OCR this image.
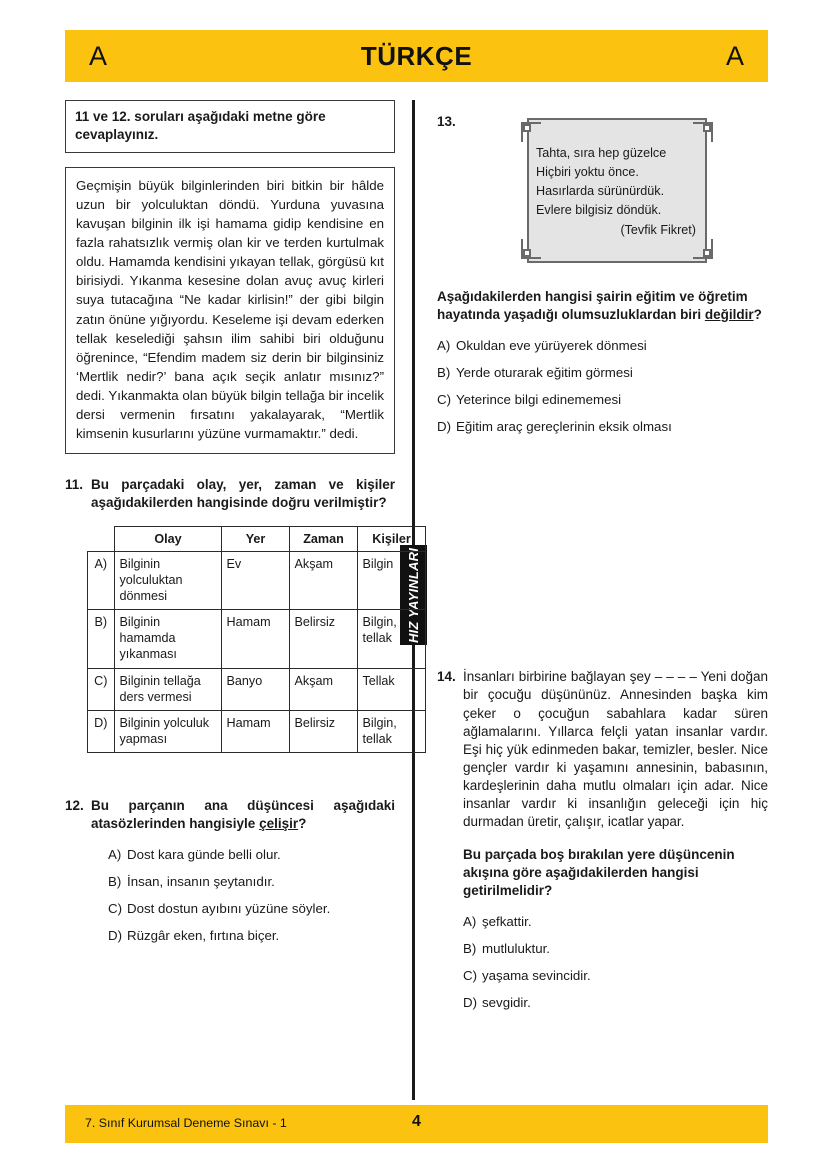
A	TÜRKÇE	A
HIZ YAYINLARI
11 ve 12. soruları aşağıdaki metne göre cevaplayınız.
Geçmişin büyük bilginlerinden biri bitkin bir hâlde uzun bir yolculuktan döndü. Yurduna yuvasına kavuşan bilginin ilk işi hamama gidip kendisine en fazla rahatsızlık vermiş olan kir ve terden kurtulmak oldu. Hamamda kendisini yıkayan tellak, görgüsü kıt birisiydi. Yıkanma kesesine dolan avuç avuç kirleri suya tutacağına “Ne kadar kirlisin!” der gibi bilgin zatın önüne yığıyordu. Keseleme işi devam ederken tellak keselediği şahsın ilim sahibi biri olduğunu öğrenince, “Efendim madem siz derin bir bilginsiniz ‘Mertlik nedir?’ bana açık seçik anlatır mısınız?” dedi. Yıkanmakta olan büyük bilgin tellağa bir incelik dersi vermenin fırsatını yakalayarak, “Mertlik kimsenin kusurlarını yüzüne vurmamaktır.” dedi.
11. Bu parçadaki olay, yer, zaman ve kişiler aşağıdakilerden hangisinde doğru verilmiştir?
	Olay	Yer	Zaman	Kişiler
A)	Bilginin yolculuktan dönmesi	Ev	Akşam	Bilgin
B)	Bilginin hamamda yıkanması	Hamam	Belirsiz	Bilgin, tellak
C)	Bilginin tellağa ders vermesi	Banyo	Akşam	Tellak
D)	Bilginin yolculuk yapması	Hamam	Belirsiz	Bilgin, tellak
12. Bu parçanın ana düşüncesi aşağıdaki atasözlerinden hangisiyle çelişir?
A) Dost kara günde belli olur.
B) İnsan, insanın şeytanıdır.
C) Dost dostun ayıbını yüzüne söyler.
D) Rüzgâr eken, fırtına biçer.
13.
Tahta, sıra hep güzelce
Hiçbiri yoktu önce.
Hasırlarda sürünürdük.
Evlere bilgisiz döndük.
(Tevfik Fikret)
Aşağıdakilerden hangisi şairin eğitim ve öğretim hayatında yaşadığı olumsuzluklardan biri değildir?
A) Okuldan eve yürüyerek dönmesi
B) Yerde oturarak eğitim görmesi
C) Yeterince bilgi edinememesi
D) Eğitim araç gereçlerinin eksik olması
14. İnsanları birbirine bağlayan şey – – – – Yeni doğan bir çocuğu düşününüz. Annesinden başka kim çeker o çocuğun sabahlara kadar süren ağlamalarını. Yıllarca felçli yatan insanlar vardır. Eşi hiç yük edinmeden bakar, temizler, besler. Nice gençler vardır ki yaşamını annesinin, babasının, kardeşlerinin daha mutlu olmaları için adar. Nice insanlar vardır ki insanlığın geleceği için hiç durmadan üretir, çalışır, icatlar yapar.
Bu parçada boş bırakılan yere düşüncenin akışına göre aşağıdakilerden hangisi getirilmelidir?
A) şefkattir.
B) mutluluktur.
C) yaşama sevincidir.
D) sevgidir.
7. Sınıf Kurumsal Deneme Sınavı - 1	4
